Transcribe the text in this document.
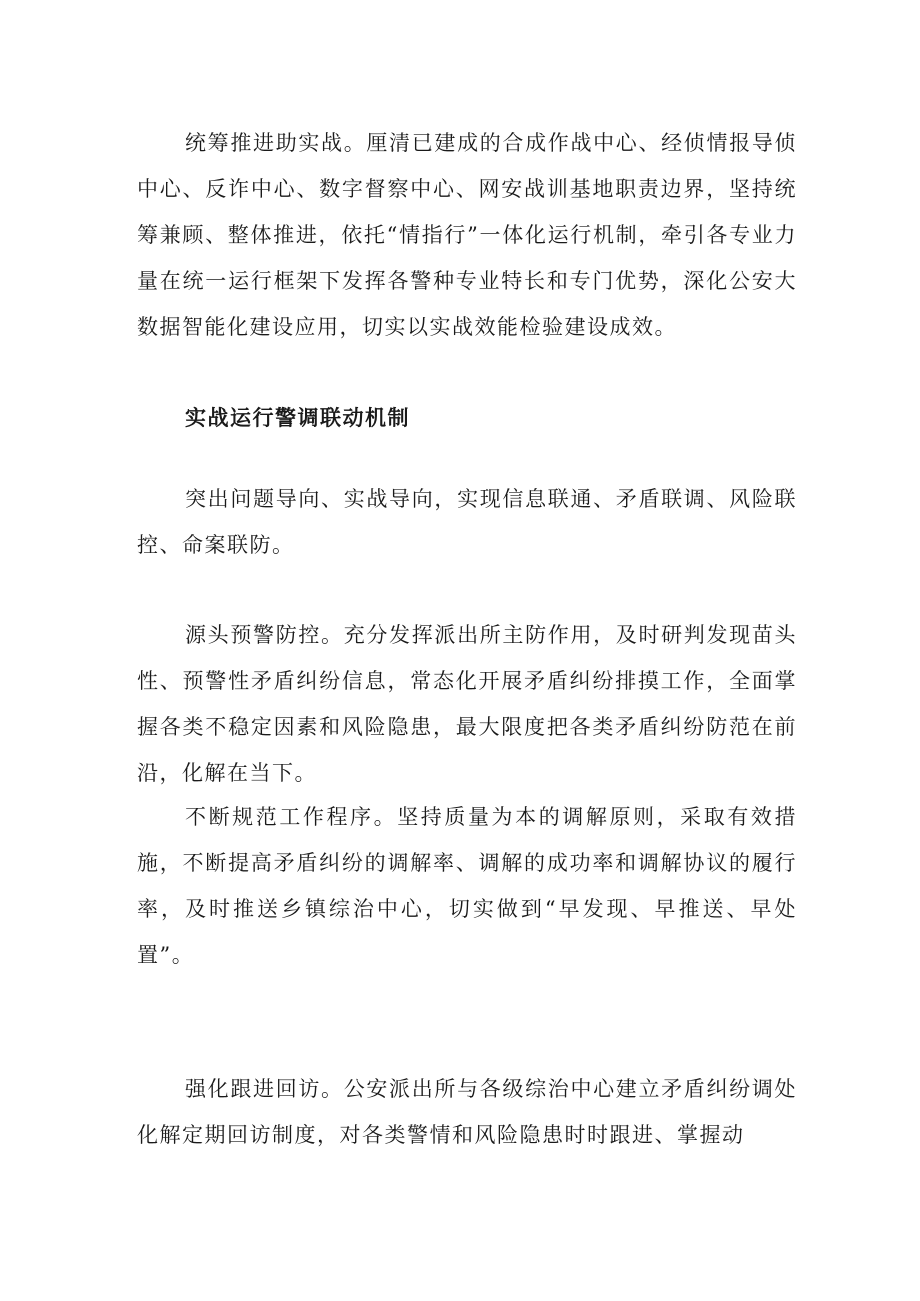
统筹推进助实战。厘清已建成的合成作战中心、经侦情报导侦中心、反诈中心、数字督察中心、网安战训基地职责边界，坚持统筹兼顾、整体推进，依托“情指行”一体化运行机制，牵引各专业力量在统一运行框架下发挥各警种专业特长和专门优势，深化公安大数据智能化建设应用，切实以实战效能检验建设成效。

实战运行警调联动机制

突出问题导向、实战导向，实现信息联通、矛盾联调、风险联控、命案联防。

源头预警防控。充分发挥派出所主防作用，及时研判发现苗头性、预警性矛盾纠纷信息，常态化开展矛盾纠纷排摸工作，全面掌握各类不稳定因素和风险隐患，最大限度把各类矛盾纠纷防范在前沿，化解在当下。

不断规范工作程序。坚持质量为本的调解原则，采取有效措施，不断提高矛盾纠纷的调解率、调解的成功率和调解协议的履行率，及时推送乡镇综治中心，切实做到“早发现、早推送、早处置”。

强化跟进回访。公安派出所与各级综治中心建立矛盾纠纷调处化解定期回访制度，对各类警情和风险隐患时时跟进、掌握动
